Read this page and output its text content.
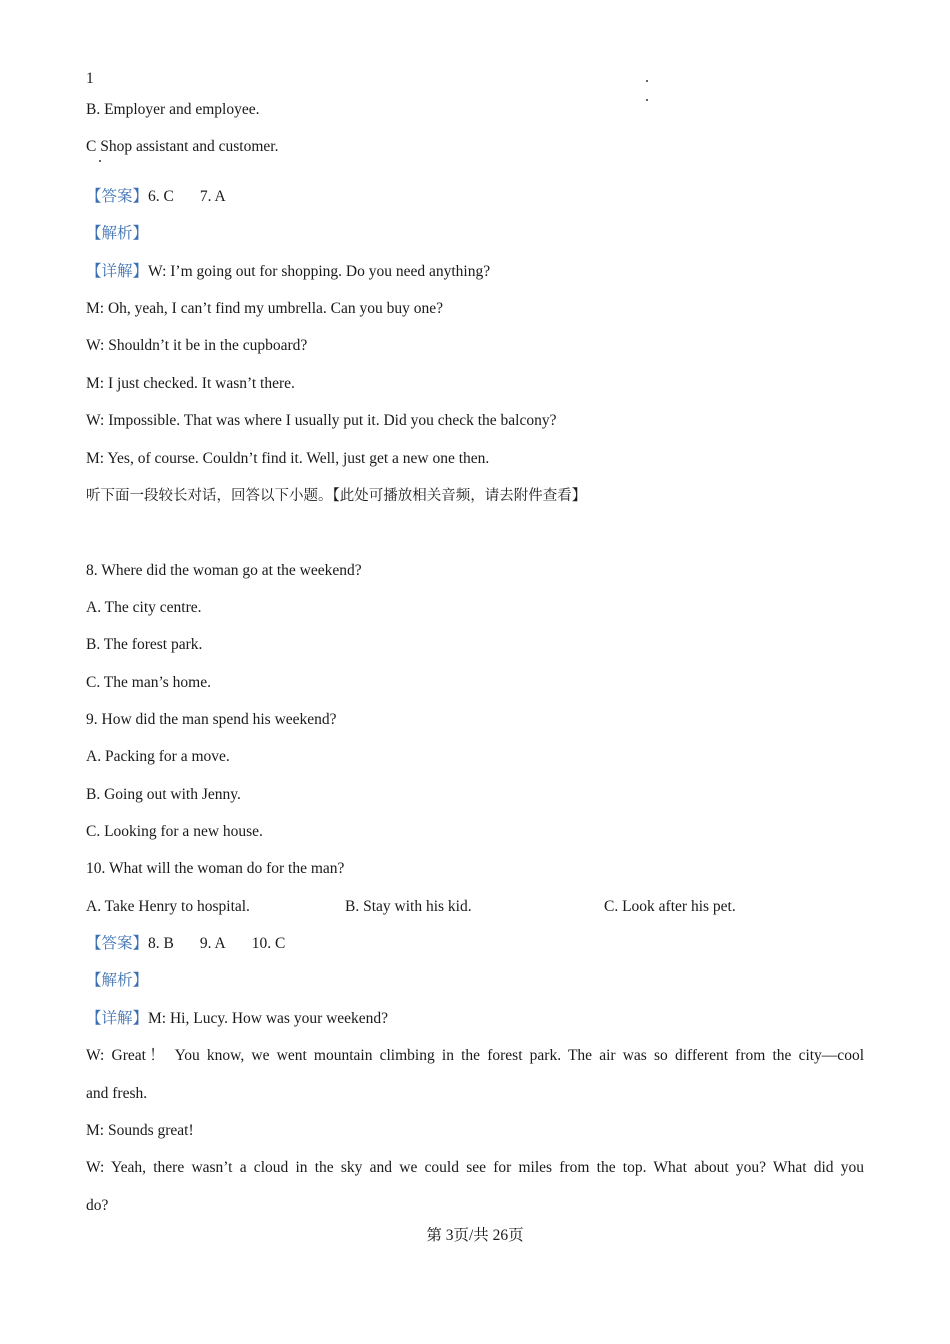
1
B. Employer and employee.
C Shop assistant and customer.
【答案】6. C 7. A
【解析】
【详解】W: I’m going out for shopping. Do you need anything?
M: Oh, yeah, I can’t find my umbrella. Can you buy one?
W: Shouldn’t it be in the cupboard?
M: I just checked. It wasn’t there.
W: Impossible. That was where I usually put it. Did you check the balcony?
M: Yes, of course. Couldn’t find it. Well, just get a new one then.
听下面一段较长对话，回答以下小题。【此处可播放相关音频，请去附件查看】
8. Where did the woman go at the weekend?
A. The city centre.
B. The forest park.
C. The man’s home.
9. How did the man spend his weekend?
A. Packing for a move.
B. Going out with Jenny.
C. Looking for a new house.
10. What will the woman do for the man?
A. Take Henry to hospital.	B. Stay with his kid.	C. Look after his pet.
【答案】8. B 9. A 10. C
【解析】
【详解】M: Hi, Lucy. How was your weekend?
W: Great！ You know, we went mountain climbing in the forest park. The air was so different from the city—cool
and fresh.
M: Sounds great!
W: Yeah, there wasn’t a cloud in the sky and we could see for miles from the top. What about you? What did you
do?
第 3页/共 26页
